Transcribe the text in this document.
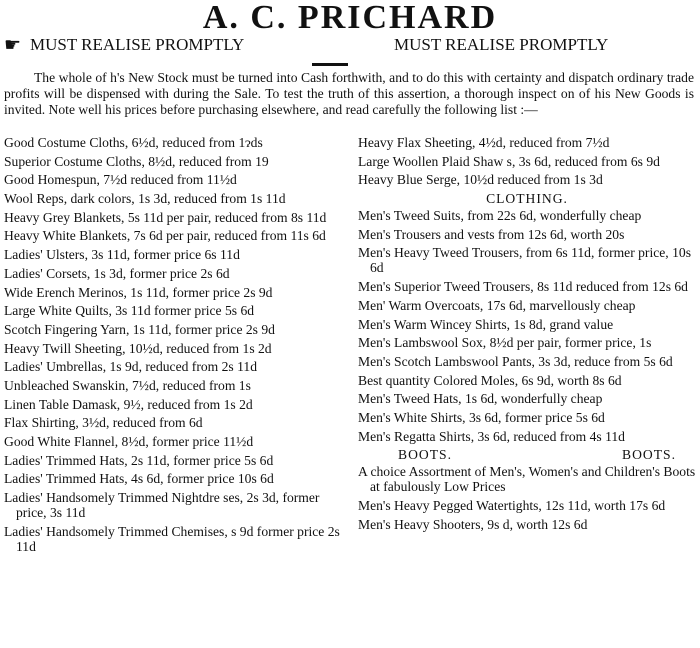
A. C. PRICHARD
☛ MUST REALISE PROMPTLY	MUST REALISE PROMPTLY

The whole of h's New Stock must be turned into Cash forthwith, and to do this with certainty and dispatch ordinary trade profits will be dispensed with during the Sale. To test the truth of this assertion, a thorough inspect on of his New Goods is invited. Note well his prices before purchasing elsewhere, and read carefully the following list :—

Good Costume Cloths, 6½d, reduced from 1ɂds
Superior Costume Cloths, 8½d, reduced from 19
Good Homespun, 7½d reduced from 11½d
Wool Reps, dark colors, 1s 3d, reduced from 1s 11d
Heavy Grey Blankets, 5s 11d per pair, reduced from 8s 11d
Heavy White Blankets, 7s 6d per pair, reduced from 11s 6d
Ladies' Ulsters, 3s 11d, former price 6s 11d
Ladies' Corsets, 1s 3d, former price 2s 6d
Wide Erench Merinos, 1s 11d, former price 2s 9d
Large White Quilts, 3s 11d former price 5s 6d
Scotch Fingering Yarn, 1s 11d, former price 2s 9d
Heavy Twill Sheeting, 10½d, reduced from 1s 2d
Ladies' Umbrellas, 1s 9d, reduced from 2s 11d
Unbleached Swanskin, 7½d, reduced from 1s
Linen Table Damask, 9½, reduced from 1s 2d
Flax Shirting, 3½d, reduced from 6d
Good White Flannel, 8½d, former price 11½d
Ladies' Trimmed Hats, 2s 11d, former price 5s 6d
Ladies' Trimmed Hats, 4s 6d, former price 10s 6d
Ladies' Handsomely Trimmed Nightdre ses, 2s 3d, former price, 3s 11d
Ladies' Handsomely Trimmed Chemises, s 9d former price 2s 11d
Heavy Flax Sheeting, 4½d, reduced from 7½d
Large Woollen Plaid Shaw s, 3s 6d, reduced from 6s 9d
Heavy Blue Serge, 10½d reduced from 1s 3d
CLOTHING.
Men's Tweed Suits, from 22s 6d, wonderfully cheap
Men's Trousers and vests from 12s 6d, worth 20s
Men's Heavy Tweed Trousers, from 6s 11d, former price, 10s 6d
Men's Superior Tweed Trousers, 8s 11d reduced from 12s 6d
Men' Warm Overcoats, 17s 6d, marvellously cheap
Men's Warm Wincey Shirts, 1s 8d, grand value
Men's Lambswool Sox, 8½d per pair, former price, 1s
Men's Scotch Lambswool Pants, 3s 3d, reduce from 5s 6d
Best quantity Colored Moles, 6s 9d, worth 8s 6d
Men's Tweed Hats, 1s 6d, wonderfully cheap
Men's White Shirts, 3s 6d, former price 5s 6d
Men's Regatta Shirts, 3s 6d, reduced from 4s 11d
BOOTS.	BOOTS.
A choice Assortment of Men's, Women's and Children's Boots at fabulously Low Prices
Men's Heavy Pegged Watertights, 12s 11d, worth 17s 6d
Men's Heavy Shooters, 9s d, worth 12s 6d
